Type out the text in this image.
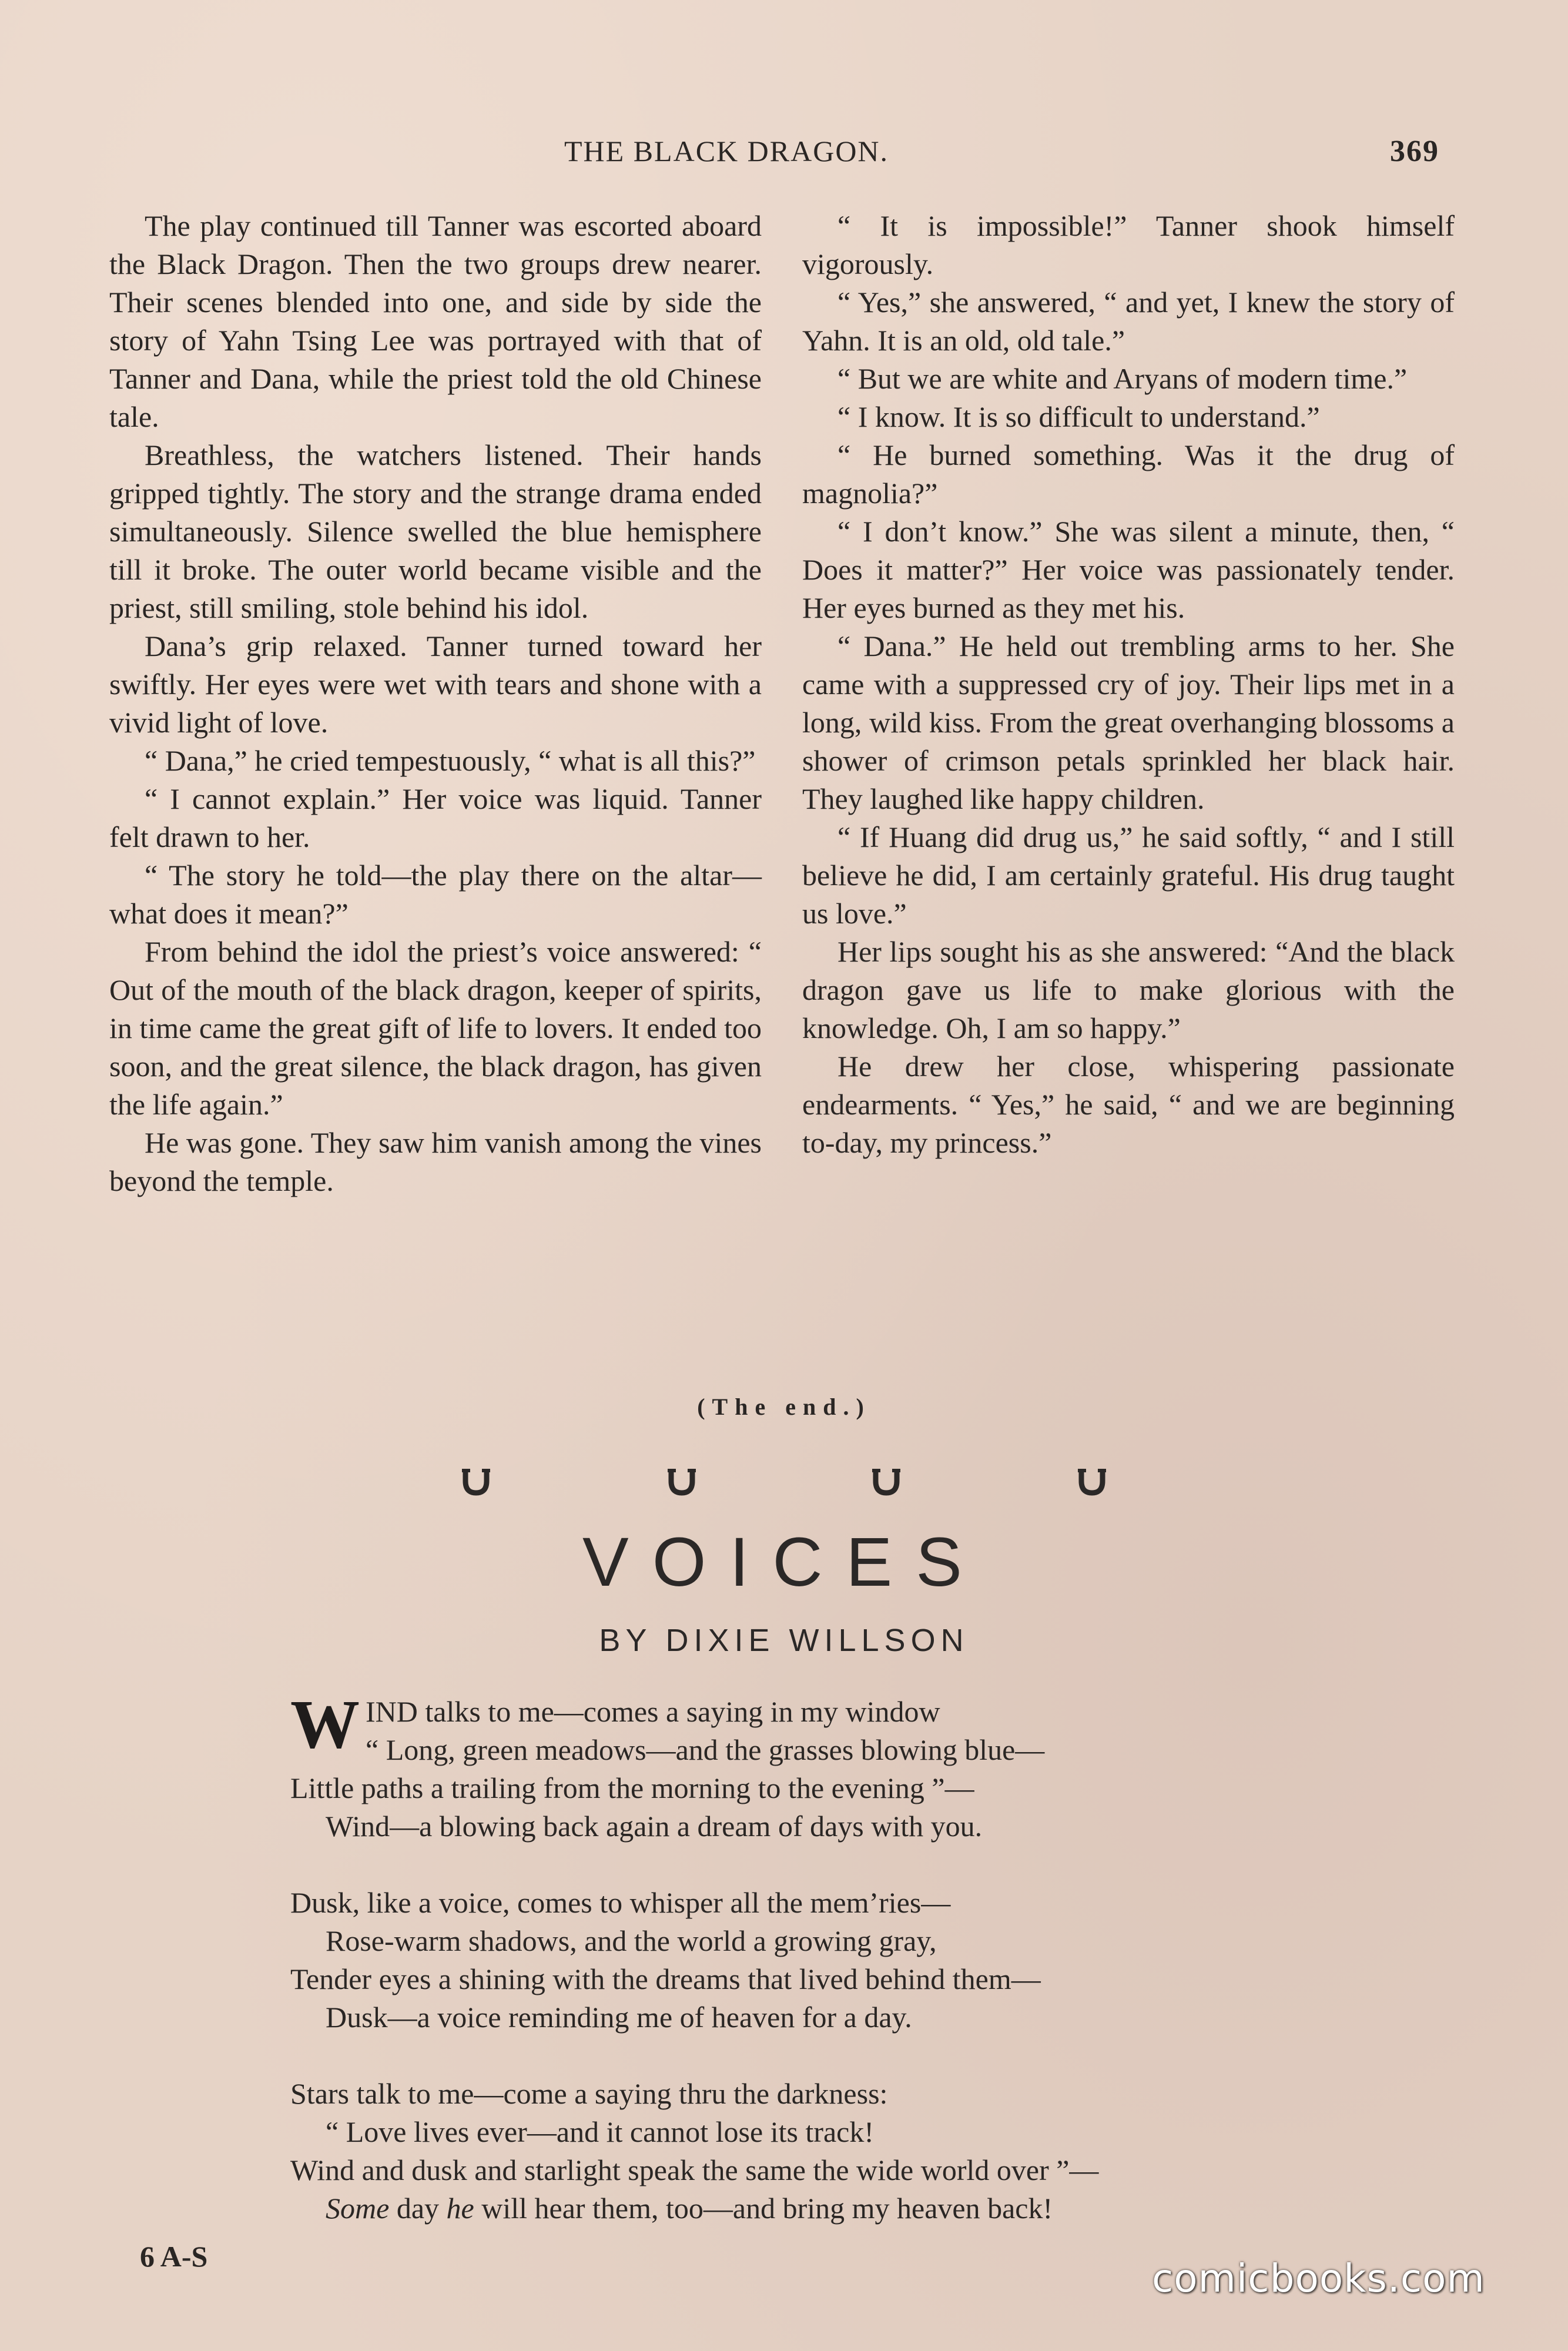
THE BLACK DRAGON.	369

The play continued till Tanner was escorted aboard the Black Dragon. Then the two groups drew nearer. Their scenes blended into one, and side by side the story of Yahn Tsing Lee was portrayed with that of Tanner and Dana, while the priest told the old Chinese tale.

Breathless, the watchers listened. Their hands gripped tightly. The story and the strange drama ended simultaneously. Silence swelled the blue hemisphere till it broke. The outer world became visible and the priest, still smiling, stole behind his idol.

Dana’s grip relaxed. Tanner turned toward her swiftly. Her eyes were wet with tears and shone with a vivid light of love.

“ Dana,” he cried tempestuously, “ what is all this?”

“ I cannot explain.” Her voice was liquid. Tanner felt drawn to her.

“ The story he told—the play there on the altar—what does it mean?”

From behind the idol the priest’s voice answered: “ Out of the mouth of the black dragon, keeper of spirits, in time came the great gift of life to lovers. It ended too soon, and the great silence, the black dragon, has given the life again.”

He was gone. They saw him vanish among the vines beyond the temple.

“ It is impossible!” Tanner shook himself vigorously.

“ Yes,” she answered, “ and yet, I knew the story of Yahn. It is an old, old tale.”

“ But we are white and Aryans of modern time.”

“ I know. It is so difficult to understand.”

“ He burned something. Was it the drug of magnolia?”

“ I don’t know.” She was silent a minute, then, “ Does it matter?” Her voice was passionately tender. Her eyes burned as they met his.

“ Dana.” He held out trembling arms to her. She came with a suppressed cry of joy. Their lips met in a long, wild kiss. From the great overhanging blossoms a shower of crimson petals sprinkled her black hair. They laughed like happy children.

“ If Huang did drug us,” he said softly, “ and I still believe he did, I am certainly grateful. His drug taught us love.”

Her lips sought his as she answered: “And the black dragon gave us life to make glorious with the knowledge. Oh, I am so happy.”

He drew her close, whispering passionate endearments. “ Yes,” he said, “ and we are beginning to-day, my princess.”

(The end.)
VOICES
BY DIXIE WILLSON
WIND talks to me—comes a saying in my window
“ Long, green meadows—and the grasses blowing blue—
Little paths a trailing from the morning to the evening ”—
Wind—a blowing back again a dream of days with you.
Dusk, like a voice, comes to whisper all the mem’ries—
Rose-warm shadows, and the world a growing gray,
Tender eyes a shining with the dreams that lived behind them—
Dusk—a voice reminding me of heaven for a day.
Stars talk to me—come a saying thru the darkness:
“ Love lives ever—and it cannot lose its track!
Wind and dusk and starlight speak the same the wide world over ”—
Some day he will hear them, too—and bring my heaven back!
6 A-S	comicbooks.com
